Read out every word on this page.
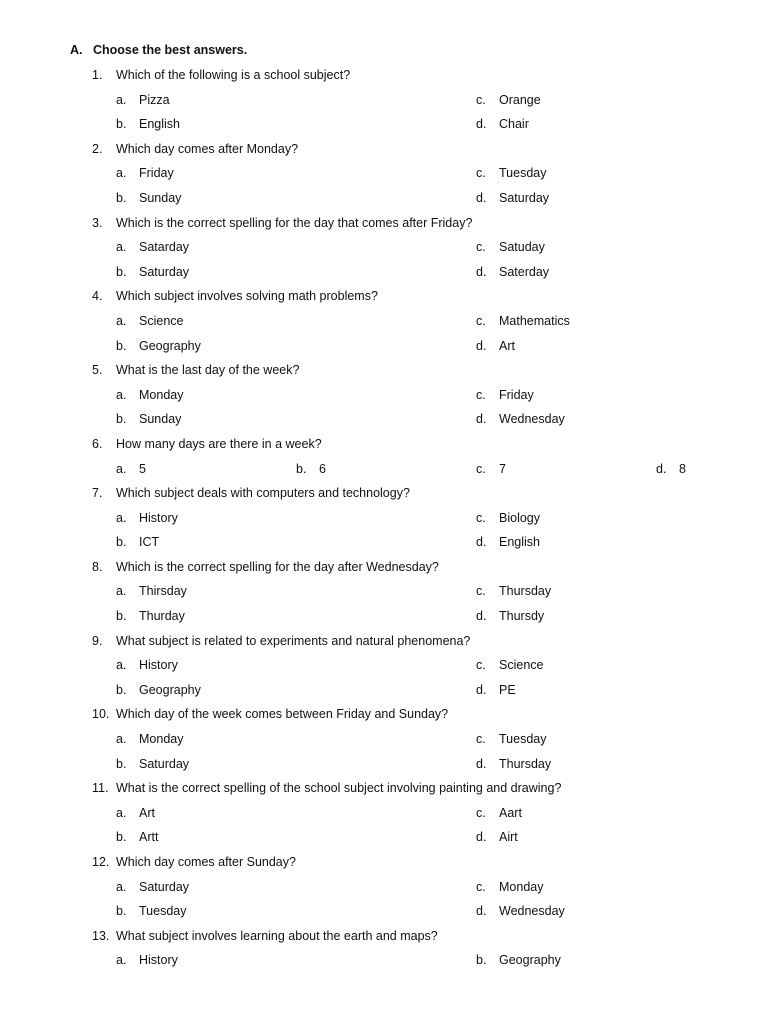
A. Choose the best answers.
1. Which of the following is a school subject?
a. Pizza	c. Orange
b. English	d. Chair
2. Which day comes after Monday?
a. Friday	c. Tuesday
b. Sunday	d. Saturday
3. Which is the correct spelling for the day that comes after Friday?
a. Satarday	c. Satuday
b. Saturday	d. Saterday
4. Which subject involves solving math problems?
a. Science	c. Mathematics
b. Geography	d. Art
5. What is the last day of the week?
a. Monday	c. Friday
b. Sunday	d. Wednesday
6. How many days are there in a week?
a. 5	b. 6	c. 7	d. 8
7. Which subject deals with computers and technology?
a. History	c. Biology
b. ICT	d. English
8. Which is the correct spelling for the day after Wednesday?
a. Thirsday	c. Thursday
b. Thurday	d. Thursdy
9. What subject is related to experiments and natural phenomena?
a. History	c. Science
b. Geography	d. PE
10. Which day of the week comes between Friday and Sunday?
a. Monday	c. Tuesday
b. Saturday	d. Thursday
11. What is the correct spelling of the school subject involving painting and drawing?
a. Art	c. Aart
b. Artt	d. Airt
12. Which day comes after Sunday?
a. Saturday	c. Monday
b. Tuesday	d. Wednesday
13. What subject involves learning about the earth and maps?
a. History	b. Geography
